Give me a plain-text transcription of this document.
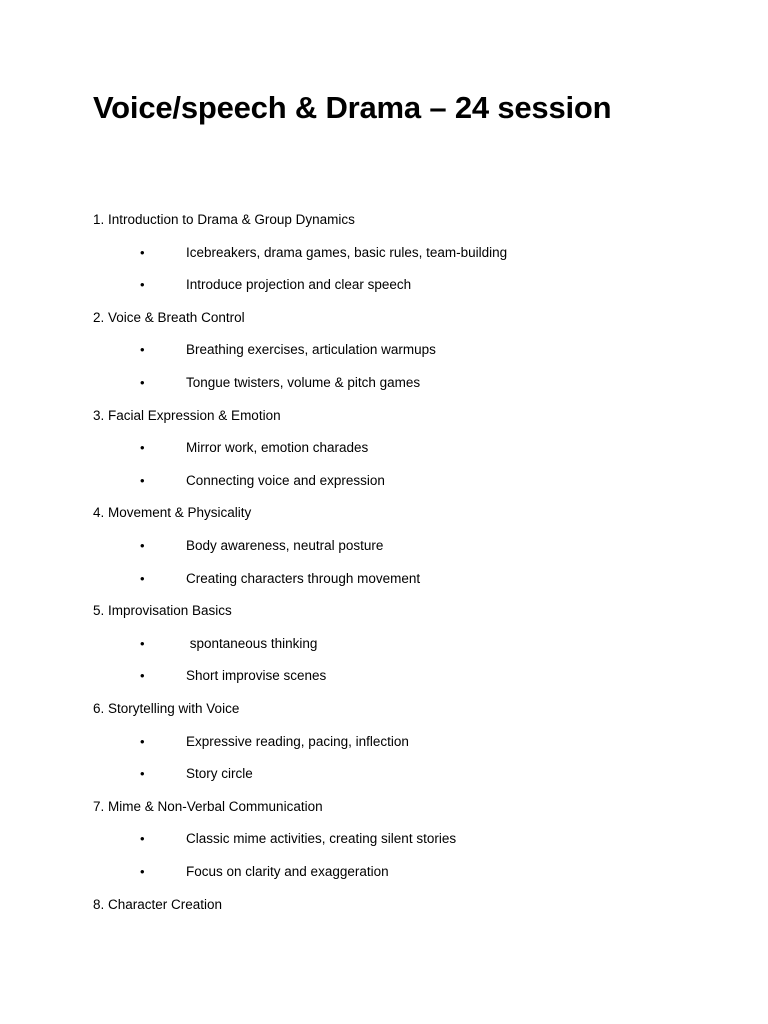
Voice/speech & Drama – 24 session
1. Introduction to Drama & Group Dynamics
•	Icebreakers, drama games, basic rules, team-building
•	Introduce projection and clear speech
2. Voice & Breath Control
•	Breathing exercises, articulation warmups
•	Tongue twisters, volume & pitch games
3. Facial Expression & Emotion
•	Mirror work, emotion charades
•	Connecting voice and expression
4. Movement & Physicality
•	Body awareness, neutral posture
•	Creating characters through movement
5. Improvisation Basics
•	spontaneous thinking
•	Short improvise scenes
6. Storytelling with Voice
•	Expressive reading, pacing, inflection
•	Story circle
7. Mime & Non-Verbal Communication
•	Classic mime activities, creating silent stories
•	Focus on clarity and exaggeration
8. Character Creation
